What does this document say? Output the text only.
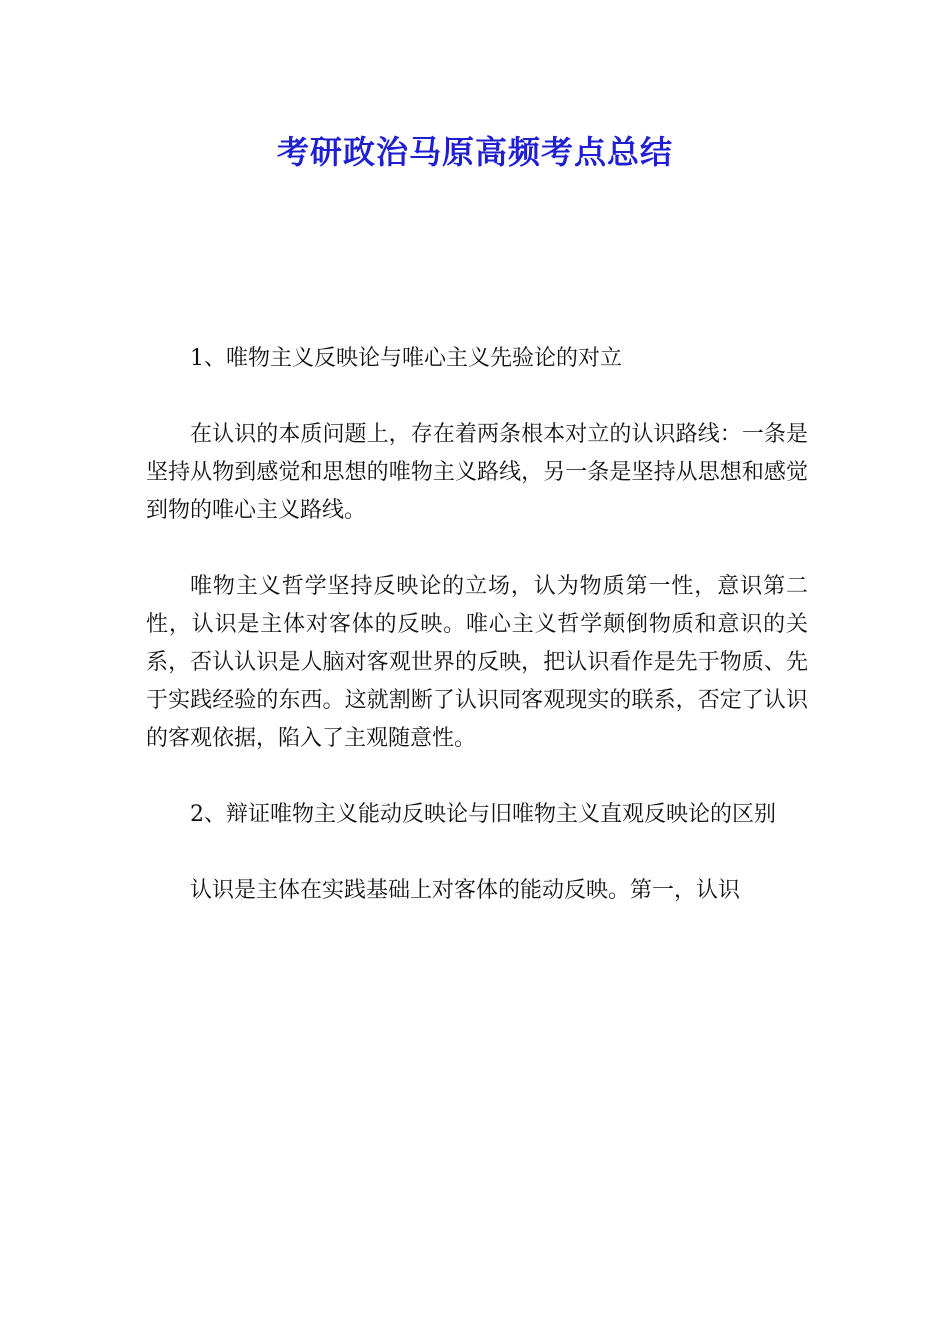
考研政治马原高频考点总结

1、唯物主义反映论与唯心主义先验论的对立

在认识的本质问题上，存在着两条根本对立的认识路线：一条是坚持从物到感觉和思想的唯物主义路线，另一条是坚持从思想和感觉到物的唯心主义路线。

唯物主义哲学坚持反映论的立场，认为物质第一性，意识第二性，认识是主体对客体的反映。唯心主义哲学颠倒物质和意识的关系，否认认识是人脑对客观世界的反映，把认识看作是先于物质、先于实践经验的东西。这就割断了认识同客观现实的联系，否定了认识的客观依据，陷入了主观随意性。

2、辩证唯物主义能动反映论与旧唯物主义直观反映论的区别

认识是主体在实践基础上对客体的能动反映。第一，认识
